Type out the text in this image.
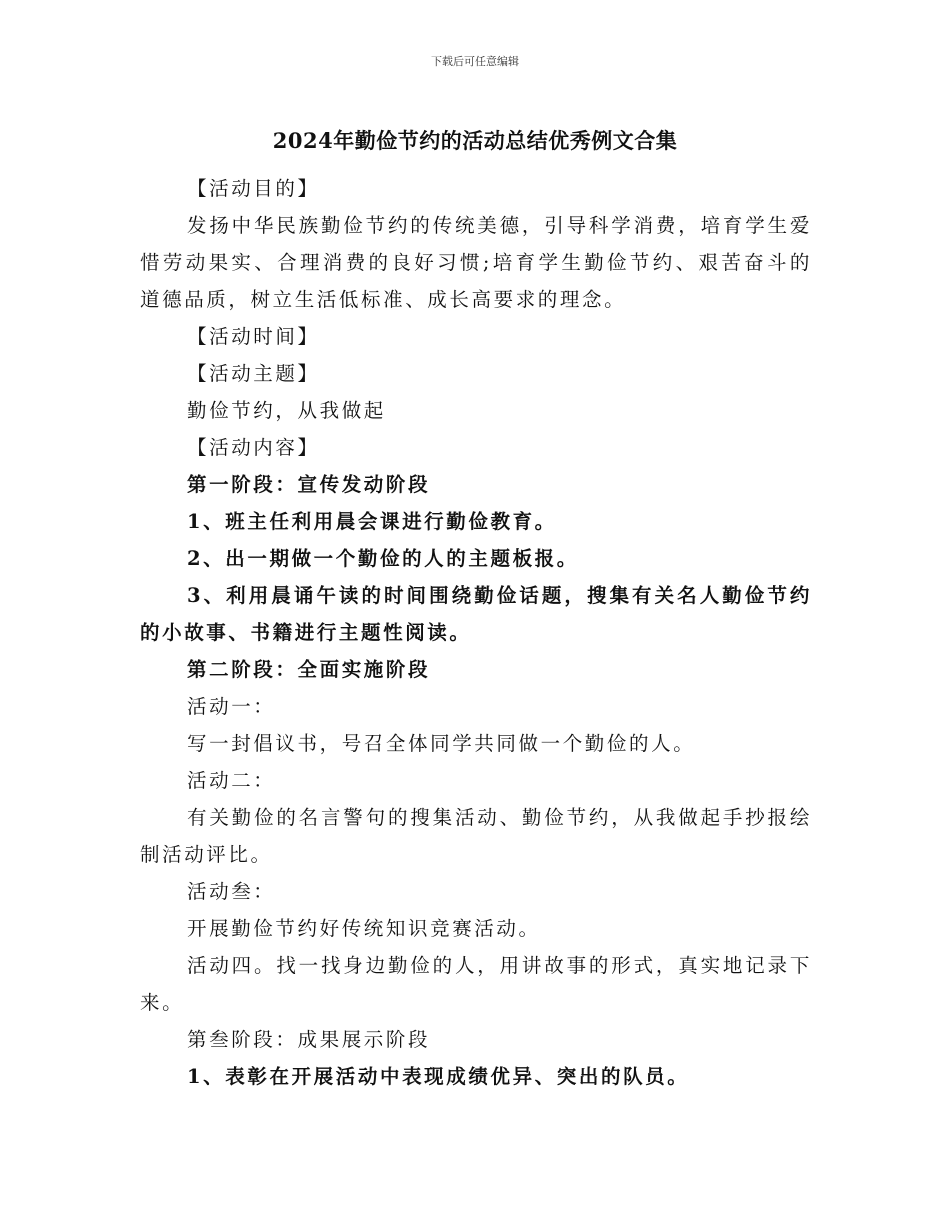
下载后可任意编辑
2024年勤俭节约的活动总结优秀例文合集

【活动目的】

发扬中华民族勤俭节约的传统美德，引导科学消费，培育学生爱惜劳动果实、合理消费的良好习惯;培育学生勤俭节约、艰苦奋斗的道德品质，树立生活低标准、成长高要求的理念。

【活动时间】

【活动主题】

勤俭节约，从我做起

【活动内容】

第一阶段：宣传发动阶段

1、班主任利用晨会课进行勤俭教育。

2、出一期做一个勤俭的人的主题板报。

3、利用晨诵午读的时间围绕勤俭话题，搜集有关名人勤俭节约的小故事、书籍进行主题性阅读。

第二阶段：全面实施阶段

活动一：

写一封倡议书，号召全体同学共同做一个勤俭的人。

活动二：

有关勤俭的名言警句的搜集活动、勤俭节约，从我做起手抄报绘制活动评比。

活动叁：

开展勤俭节约好传统知识竞赛活动。

活动四。找一找身边勤俭的人，用讲故事的形式，真实地记录下来。

第叁阶段：成果展示阶段

1、表彰在开展活动中表现成绩优异、突出的队员。
